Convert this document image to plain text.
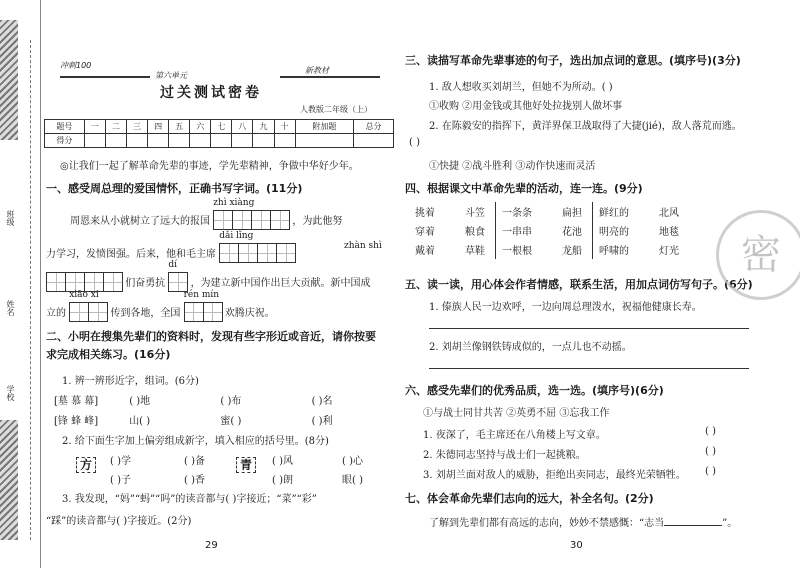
学校
姓名
班级
冲刺100
第六单元
新教材
过关测试密卷
人教版二年级（上）
题号	一	二	三	四	五	六	七	八	九	十	附加题	总分
得分												
◎让我们一起了解革命先辈的事迹，学先辈精神，争做中华好少年。
一、感受周总理的爱国情怀，正确书写字词。(11分)
周恩来从小就树立了远大的报国
zhì xiàng
，为此他努
力学习，发愤图强。后来，他和毛主席
dǎi lǐng
zhàn shì
们奋勇抗
dí
，为建立新中国作出巨大贡献。新中国成
立的
xiāo xi
传到各地，全国
rén mín
欢腾庆祝。
二、小明在搜集先辈们的资料时，发现有些字形近或音近，请你按要
求完成相关练习。(16分)
1. 辨一辨形近字，组词。(6分)
[墓 慕 幕]	( )地	( )布	( )名
[锋 蜂 峰]	山( )	蜜( )	( )利
2. 给下面生字加上偏旁组成新字，填入相应的括号里。(8分)
方	( )学	( )备
( )子	( )香
青	( )风	( )心
( )朗	眼( )
3. 我发现，“妈”“蚂”“吗”的读音都与( )字接近；“菜”“彩”
“踩”的读音都与( )字接近。(2分)
29
三、读描写革命先辈事迹的句子，选出加点词的意思。(填序号)(3分)
1. 敌人想收买刘胡兰，但她不为所动。( )
①收购 ②用金钱或其他好处拉拢别人做坏事
2. 在陈毅安的指挥下，黄洋界保卫战取得了大捷(jié)，敌人落荒而逃。
( )
①快捷 ②战斗胜利 ③动作快速而灵活
四、根据课文中革命先辈的活动，连一连。(9分)
挑着	斗笠	一条条	扁担	鲜红的	北风
穿着	粮食	一串串	花池	明亮的	地毯
戴着	草鞋	一根根	龙船	呼啸的	灯光
五、读一读，用心体会作者情感，联系生活，用加点词仿写句子。(6分)
1. 傣族人民一边欢呼，一边向周总理泼水，祝福他健康长寿。
2. 刘胡兰像钢铁铸成似的，一点儿也不动摇。
六、感受先辈们的优秀品质，选一选。(填序号)(6分)
①与战士同甘共苦 ②英勇不屈 ③忘我工作
1. 夜深了，毛主席还在八角楼上写文章。	( )
2. 朱德同志坚持与战士们一起挑粮。	( )
3. 刘胡兰面对敌人的威胁，拒绝出卖同志，最终光荣牺牲。 ( )
七、体会革命先辈们志向的远大，补全名句。(2分)
了解到先辈们都有高远的志向，妙妙不禁感慨：“志当	”。
30
密
